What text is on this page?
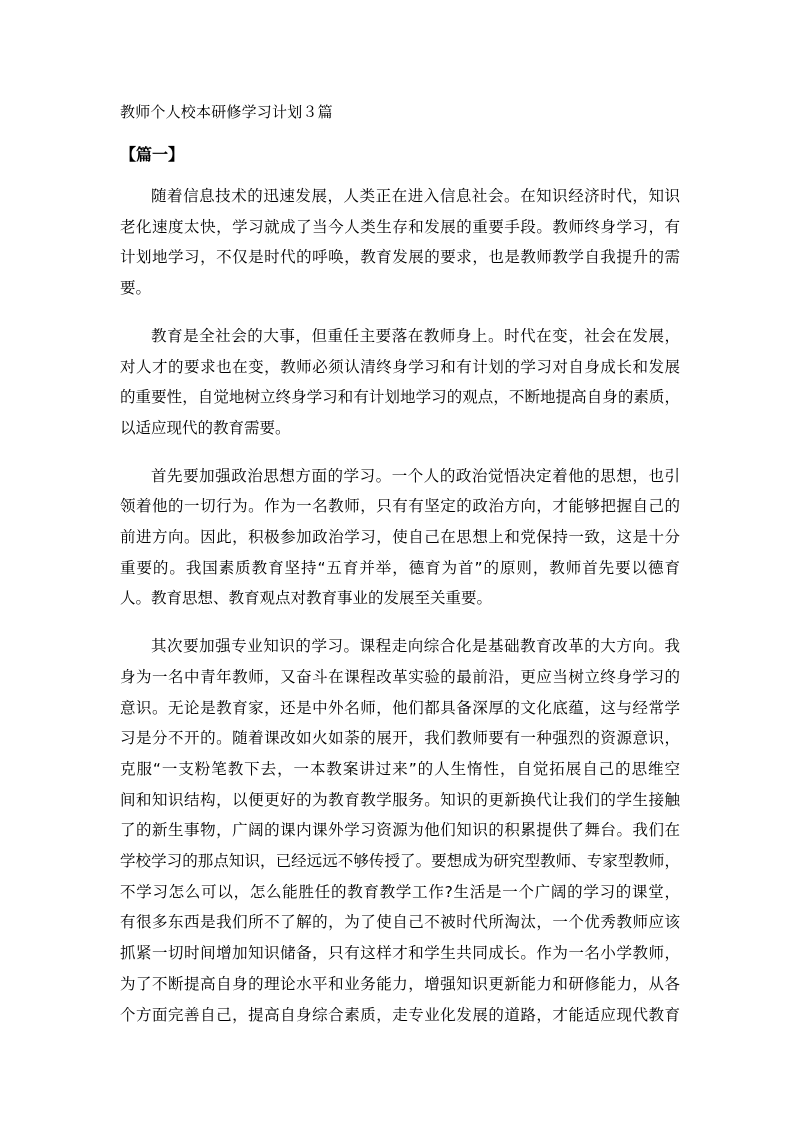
教师个人校本研修学习计划３篇
【篇一】
随着信息技术的迅速发展，人类正在进入信息社会。在知识经济时代，知识
老化速度太快，学习就成了当今人类生存和发展的重要手段。教师终身学习，有
计划地学习，不仅是时代的呼唤，教育发展的要求，也是教师教学自我提升的需
要。
教育是全社会的大事，但重任主要落在教师身上。时代在变，社会在发展，
对人才的要求也在变，教师必须认清终身学习和有计划的学习对自身成长和发展
的重要性，自觉地树立终身学习和有计划地学习的观点，不断地提高自身的素质，
以适应现代的教育需要。
首先要加强政治思想方面的学习。一个人的政治觉悟决定着他的思想，也引
领着他的一切行为。作为一名教师，只有有坚定的政治方向，才能够把握自己的
前进方向。因此，积极参加政治学习，使自己在思想上和党保持一致，这是十分
重要的。我国素质教育坚持“五育并举，德育为首”的原则，教师首先要以德育
人。教育思想、教育观点对教育事业的发展至关重要。
其次要加强专业知识的学习。课程走向综合化是基础教育改革的大方向。我
身为一名中青年教师，又奋斗在课程改革实验的最前沿，更应当树立终身学习的
意识。无论是教育家，还是中外名师，他们都具备深厚的文化底蕴，这与经常学
习是分不开的。随着课改如火如荼的展开，我们教师要有一种强烈的资源意识，
克服“一支粉笔教下去，一本教案讲过来”的人生惰性，自觉拓展自己的思维空
间和知识结构，以便更好的为教育教学服务。知识的更新换代让我们的学生接触
了的新生事物，广阔的课内课外学习资源为他们知识的积累提供了舞台。我们在
学校学习的那点知识，已经远远不够传授了。要想成为研究型教师、专家型教师，
不学习怎么可以，怎么能胜任的教育教学工作?生活是一个广阔的学习的课堂，
有很多东西是我们所不了解的，为了使自己不被时代所淘汰，一个优秀教师应该
抓紧一切时间增加知识储备，只有这样才和学生共同成长。作为一名小学教师，
为了不断提高自身的理论水平和业务能力，增强知识更新能力和研修能力，从各
个方面完善自己，提高自身综合素质，走专业化发展的道路，才能适应现代教育
